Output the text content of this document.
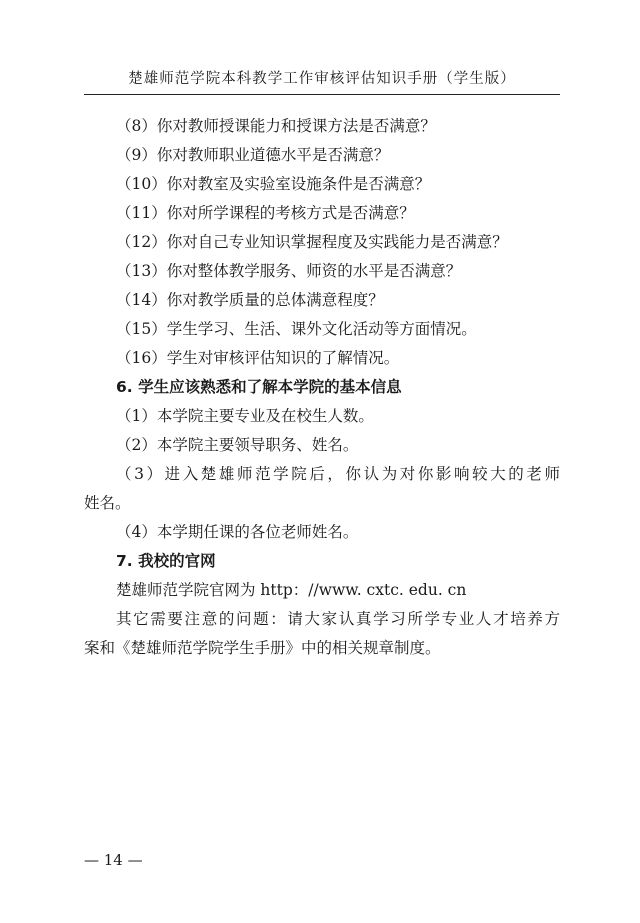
楚雄师范学院本科教学工作审核评估知识手册（学生版）
（8）你对教师授课能力和授课方法是否满意？
（9）你对教师职业道德水平是否满意？
（10）你对教室及实验室设施条件是否满意？
（11）你对所学课程的考核方式是否满意？
（12）你对自己专业知识掌握程度及实践能力是否满意？
（13）你对整体教学服务、师资的水平是否满意？
（14）你对教学质量的总体满意程度？
（15）学生学习、生活、课外文化活动等方面情况。
（16）学生对审核评估知识的了解情况。
6. 学生应该熟悉和了解本学院的基本信息
（1）本学院主要专业及在校生人数。
（2）本学院主要领导职务、姓名。
（3）进入楚雄师范学院后，你认为对你影响较大的老师
姓名。
（4）本学期任课的各位老师姓名。
7. 我校的官网
楚雄师范学院官网为 http：//www. cxtc. edu. cn
其它需要注意的问题：请大家认真学习所学专业人才培养方
案和《楚雄师范学院学生手册》中的相关规章制度。
— 14 —
